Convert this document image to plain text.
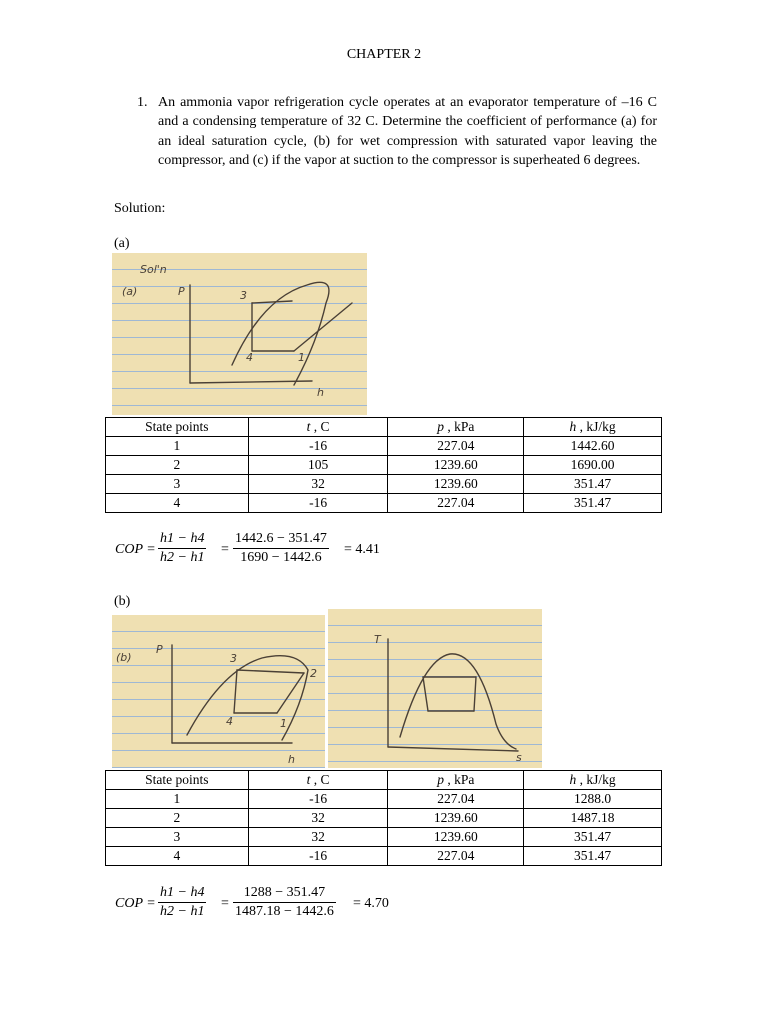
CHAPTER 2
1. An ammonia vapor refrigeration cycle operates at an evaporator temperature of –16 C and a condensing temperature of 32 C. Determine the coefficient of performance (a) for an ideal saturation cycle, (b) for wet compression with saturated vapor leaving the compressor, and (c) if the vapor at suction to the compressor is superheated 6 degrees.
Solution:
(a)
Sol'n
(a)	P
h
3
4	1
State points	t , C	p , kPa	h , kJ/kg
1	-16	227.04	1442.60
2	105	1239.60	1690.00
3	32	1239.60	351.47
4	-16	227.04	351.47
COP = $\frac{h1 - h4}{h2 - h1} = \frac{1442.6 - 351.47}{1690 - 1442.6} = 4.41$
(b)
(b)
P
h
3
2
4	1
T
s
State points	t , C	p , kPa	h , kJ/kg
1	-16	227.04	1288.0
2	32	1239.60	1487.18
3	32	1239.60	351.47
4	-16	227.04	351.47
COP = $\frac{h1 - h4}{h2 - h1} = \frac{1288 - 351.47}{1487.18 - 1442.6} = 4.70$
